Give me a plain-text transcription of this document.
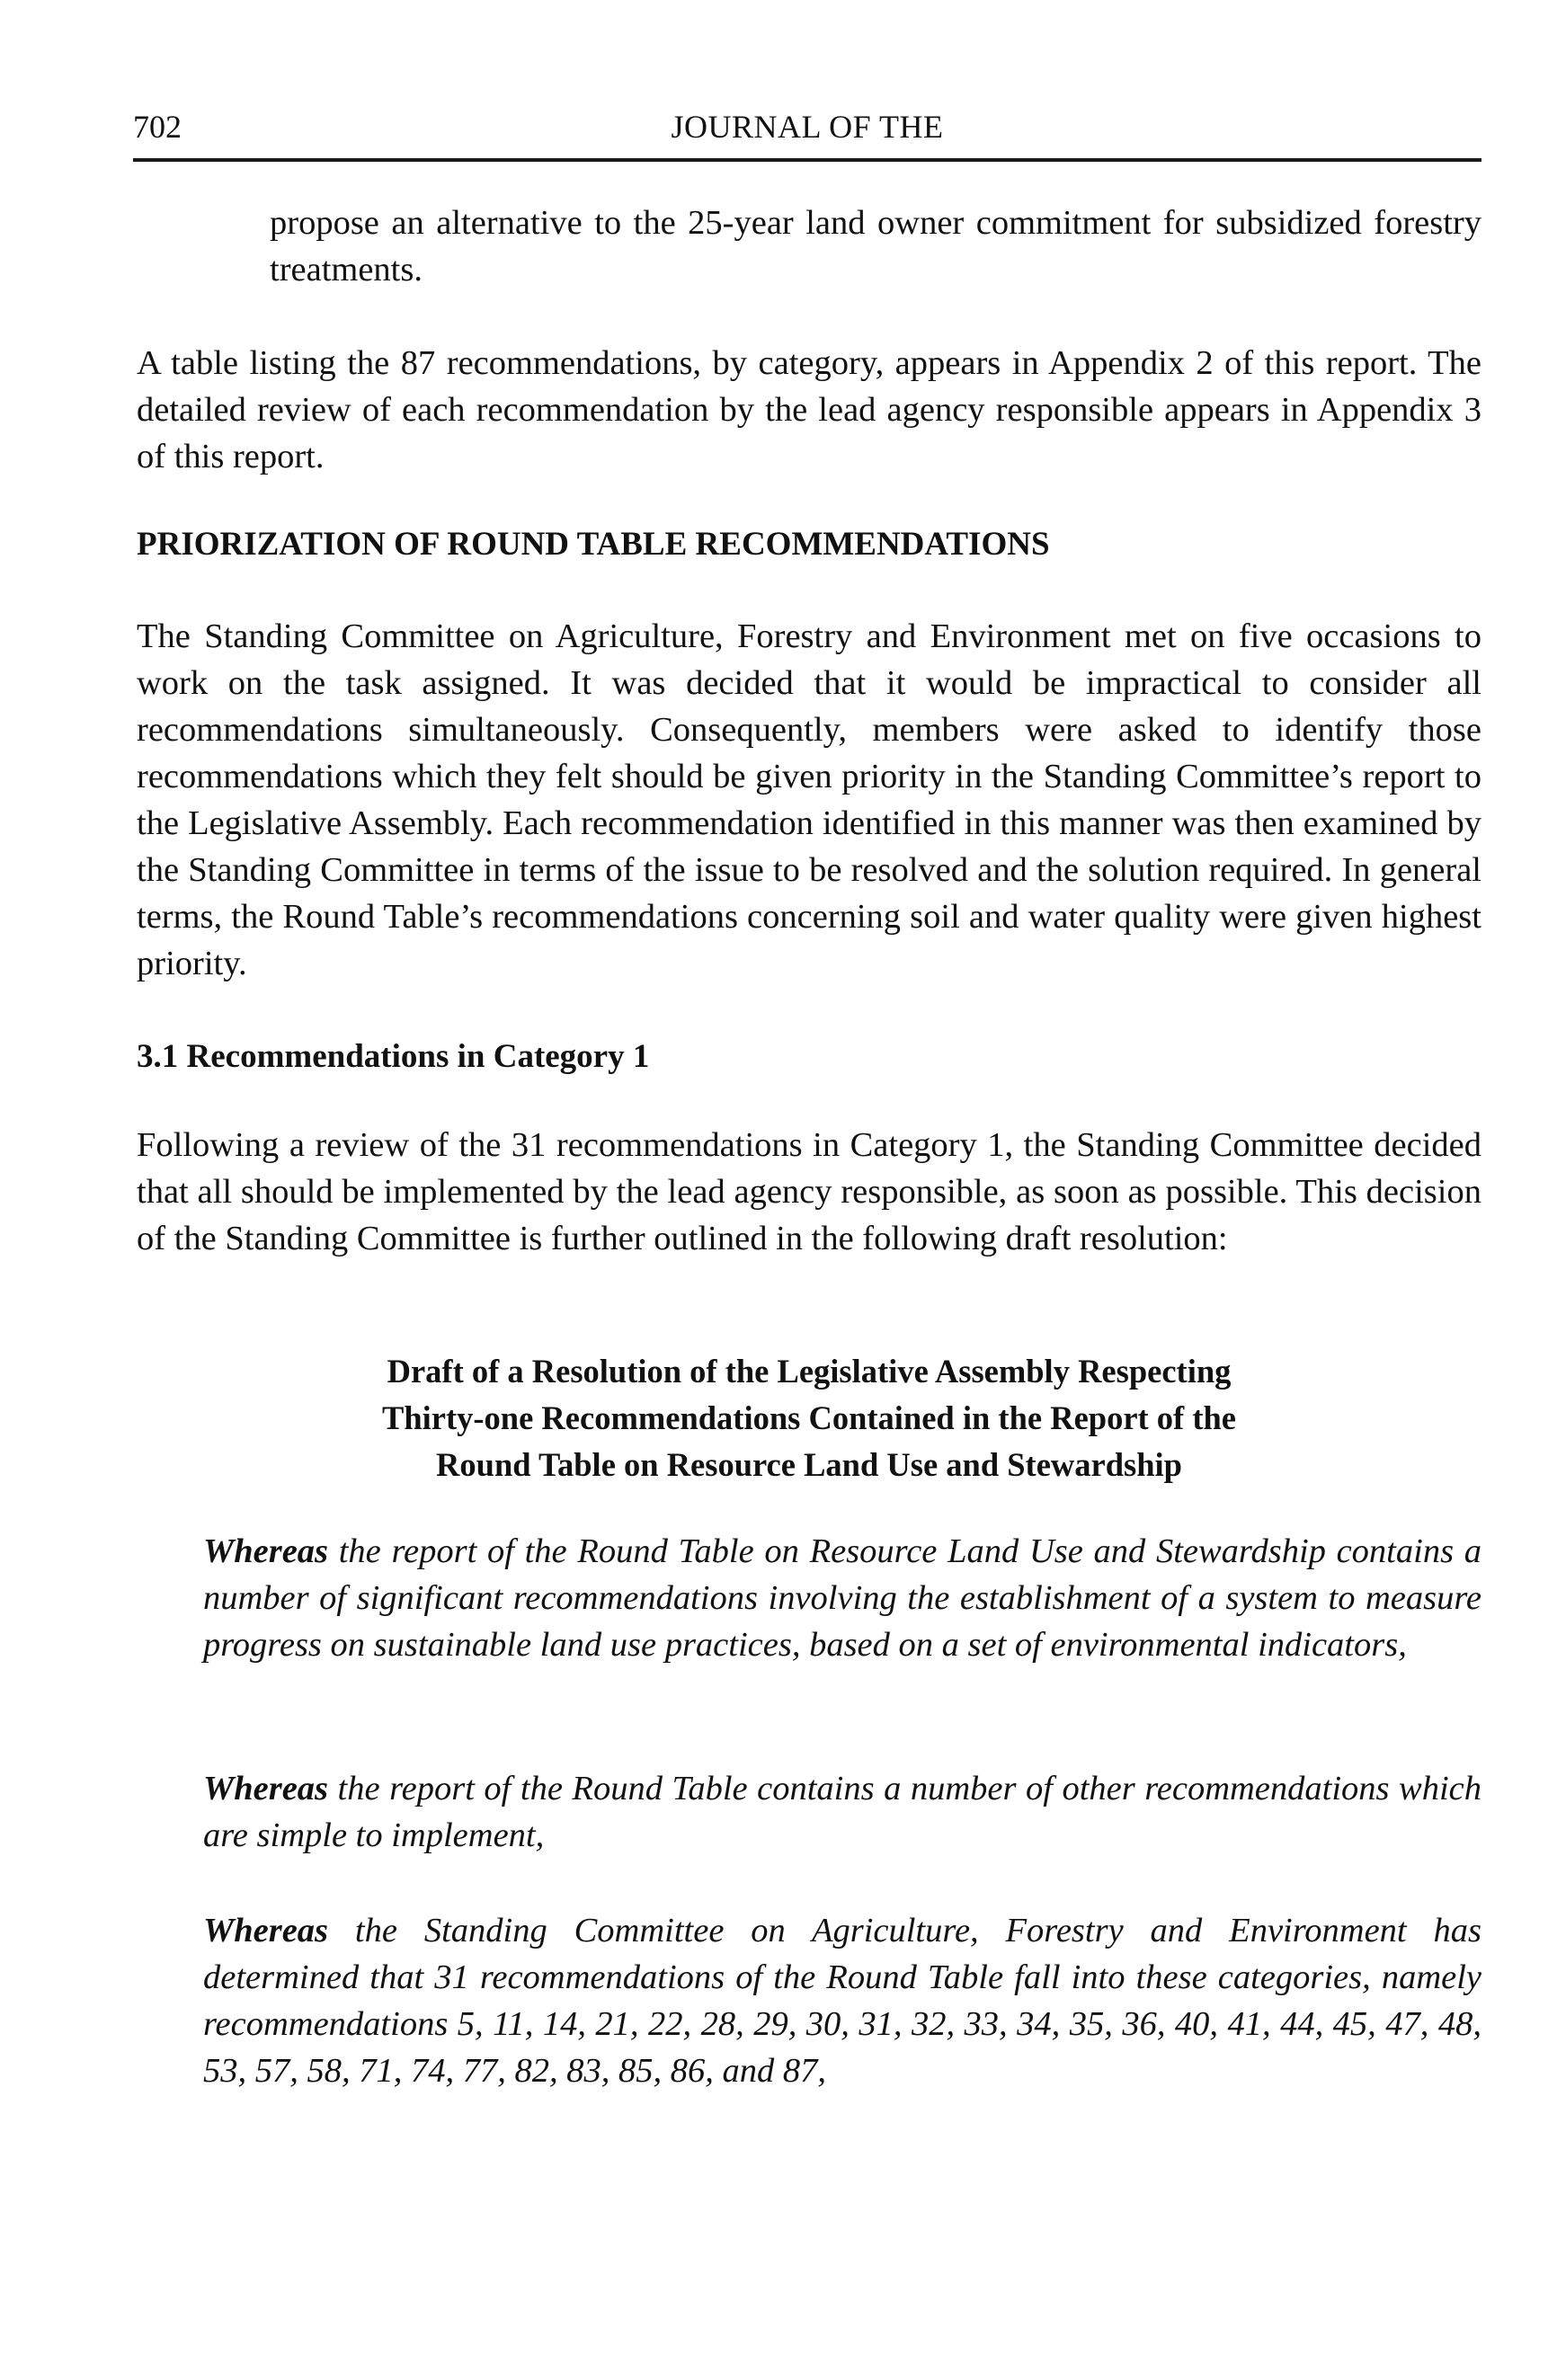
702	JOURNAL OF THE
propose an alternative to the 25-year land owner commitment for subsidized forestry treatments.
A table listing the 87 recommendations, by category, appears in Appendix 2 of this report. The detailed review of each recommendation by the lead agency responsible appears in Appendix 3 of this report.
PRIORIZATION OF ROUND TABLE RECOMMENDATIONS
The Standing Committee on Agriculture, Forestry and Environment met on five occasions to work on the task assigned. It was decided that it would be impractical to consider all recommendations simultaneously. Consequently, members were asked to identify those recommendations which they felt should be given priority in the Standing Committee’s report to the Legislative Assembly. Each recommendation identified in this manner was then examined by the Standing Committee in terms of the issue to be resolved and the solution required. In general terms, the Round Table’s recommendations concerning soil and water quality were given highest priority.
3.1 Recommendations in Category 1
Following a review of the 31 recommendations in Category 1, the Standing Committee decided that all should be implemented by the lead agency responsible, as soon as possible. This decision of the Standing Committee is further outlined in the following draft resolution:
Draft of a Resolution of the Legislative Assembly Respecting
Thirty-one Recommendations Contained in the Report of the
Round Table on Resource Land Use and Stewardship
Whereas the report of the Round Table on Resource Land Use and Stewardship contains a number of significant recommendations involving the establishment of a system to measure progress on sustainable land use practices, based on a set of environmental indicators,
Whereas the report of the Round Table contains a number of other recommendations which are simple to implement,
Whereas the Standing Committee on Agriculture, Forestry and Environment has determined that 31 recommendations of the Round Table fall into these categories, namely recommendations 5, 11, 14, 21, 22, 28, 29, 30, 31, 32, 33, 34, 35, 36, 40, 41, 44, 45, 47, 48, 53, 57, 58, 71, 74, 77, 82, 83, 85, 86, and 87,
